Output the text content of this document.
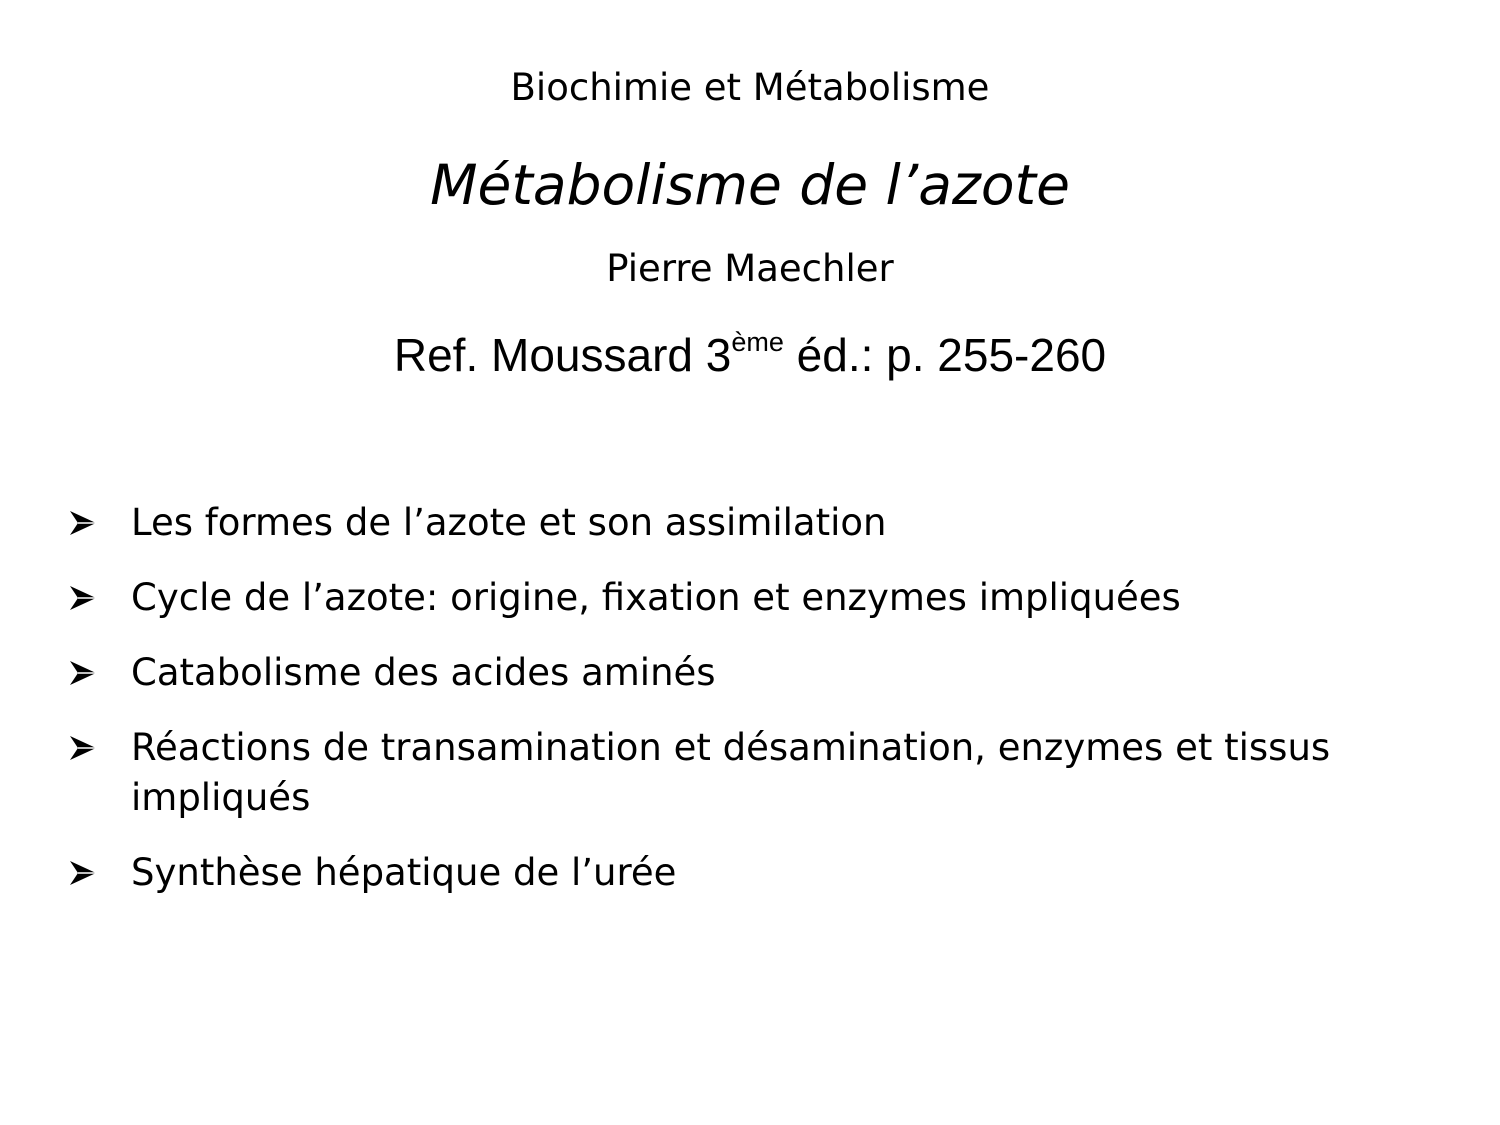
Biochimie et Métabolisme
Métabolisme de l’azote
Pierre Maechler
Ref. Moussard 3ème éd.: p. 255-260
Les formes de l’azote et son assimilation
Cycle de l’azote: origine, fixation et enzymes impliquées
Catabolisme des acides aminés
Réactions de transamination et désamination, enzymes et tissus impliqués
Synthèse hépatique de l’urée
